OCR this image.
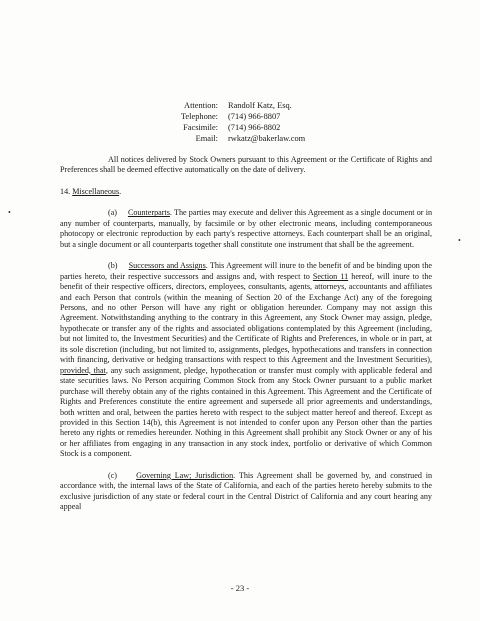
•
•
Attention: Randolf Katz, Esq.
Telephone: (714) 966-8807
Facsimile: (714) 966-8802
Email: rwkatz@bakerlaw.com

All notices delivered by Stock Owners pursuant to this Agreement or the Certificate of Rights and Preferences shall be deemed effective automatically on the date of delivery.

14. Miscellaneous.

(a) Counterparts. The parties may execute and deliver this Agreement as a single document or in any number of counterparts, manually, by facsimile or by other electronic means, including contemporaneous photocopy or electronic reproduction by each party's respective attorneys. Each counterpart shall be an original, but a single document or all counterparts together shall constitute one instrument that shall be the agreement.

(b) Successors and Assigns. This Agreement will inure to the benefit of and be binding upon the parties hereto, their respective successors and assigns and, with respect to Section 11 hereof, will inure to the benefit of their respective officers, directors, employees, consultants, agents, attorneys, accountants and affiliates and each Person that controls (within the meaning of Section 20 of the Exchange Act) any of the foregoing Persons, and no other Person will have any right or obligation hereunder. Company may not assign this Agreement. Notwithstanding anything to the contrary in this Agreement, any Stock Owner may assign, pledge, hypothecate or transfer any of the rights and associated obligations contemplated by this Agreement (including, but not limited to, the Investment Securities) and the Certificate of Rights and Preferences, in whole or in part, at its sole discretion (including, but not limited to, assignments, pledges, hypothecations and transfers in connection with financing, derivative or hedging transactions with respect to this Agreement and the Investment Securities), provided, that, any such assignment, pledge, hypothecation or transfer must comply with applicable federal and state securities laws. No Person acquiring Common Stock from any Stock Owner pursuant to a public market purchase will thereby obtain any of the rights contained in this Agreement. This Agreement and the Certificate of Rights and Preferences constitute the entire agreement and supersede all prior agreements and understandings, both written and oral, between the parties hereto with respect to the subject matter hereof and thereof. Except as provided in this Section 14(b), this Agreement is not intended to confer upon any Person other than the parties hereto any rights or remedies hereunder. Nothing in this Agreement shall prohibit any Stock Owner or any of his or her affiliates from engaging in any transaction in any stock index, portfolio or derivative of which Common Stock is a component.

(c) Governing Law; Jurisdiction. This Agreement shall be governed by, and construed in accordance with, the internal laws of the State of California, and each of the parties hereto hereby submits to the exclusive jurisdiction of any state or federal court in the Central District of California and any court hearing any appeal

- 23 -
